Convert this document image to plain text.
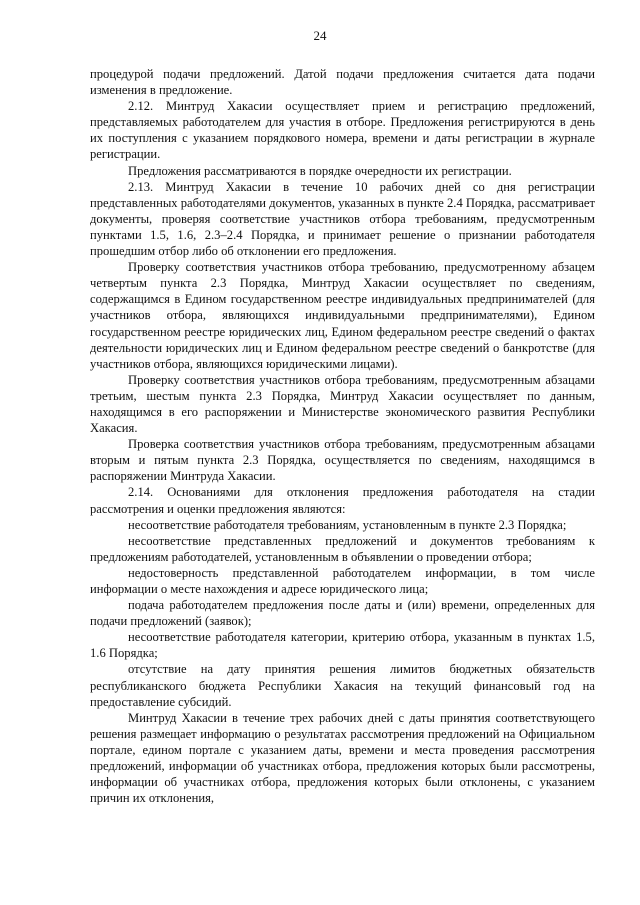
24

процедурой подачи предложений. Датой подачи предложения считается дата подачи изменения в предложение.

2.12. Минтруд Хакасии осуществляет прием и регистрацию предложений, представляемых работодателем для участия в отборе. Предложения регистрируются в день их поступления с указанием порядкового номера, времени и даты регистрации в журнале регистрации.

Предложения рассматриваются в порядке очередности их регистрации.

2.13. Минтруд Хакасии в течение 10 рабочих дней со дня регистрации представленных работодателями документов, указанных в пункте 2.4 Порядка, рассматривает документы, проверяя соответствие участников отбора требованиям, предусмотренным пунктами 1.5, 1.6, 2.3–2.4 Порядка, и принимает решение о признании работодателя прошедшим отбор либо об отклонении его предложения.

Проверку соответствия участников отбора требованию, предусмотренному абзацем четвертым пункта 2.3 Порядка, Минтруд Хакасии осуществляет по сведениям, содержащимся в Едином государственном реестре индивидуальных предпринимателей (для участников отбора, являющихся индивидуальными предпринимателями), Едином государственном реестре юридических лиц, Едином федеральном реестре сведений о фактах деятельности юридических лиц и Едином федеральном реестре сведений о банкротстве (для участников отбора, являющихся юридическими лицами).

Проверку соответствия участников отбора требованиям, предусмотренным абзацами третьим, шестым пункта 2.3 Порядка, Минтруд Хакасии осуществляет по данным, находящимся в его распоряжении и Министерстве экономического развития Республики Хакасия.

Проверка соответствия участников отбора требованиям, предусмотренным абзацами вторым и пятым пункта 2.3 Порядка, осуществляется по сведениям, находящимся в распоряжении Минтруда Хакасии.

2.14. Основаниями для отклонения предложения работодателя на стадии рассмотрения и оценки предложения являются:

несоответствие работодателя требованиям, установленным в пункте 2.3 Порядка;

несоответствие представленных предложений и документов требованиям к предложениям работодателей, установленным в объявлении о проведении отбора;

недостоверность представленной работодателем информации, в том числе информации о месте нахождения и адресе юридического лица;

подача работодателем предложения после даты и (или) времени, определенных для подачи предложений (заявок);

несоответствие работодателя категории, критерию отбора, указанным в пунктах 1.5, 1.6 Порядка;

отсутствие на дату принятия решения лимитов бюджетных обязательств республиканского бюджета Республики Хакасия на текущий финансовый год на предоставление субсидий.

Минтруд Хакасии в течение трех рабочих дней с даты принятия соответствующего решения размещает информацию о результатах рассмотрения предложений на Официальном портале, едином портале с указанием даты, времени и места проведения рассмотрения предложений, информации об участниках отбора, предложения которых были рассмотрены, информации об участниках отбора, предложения которых были отклонены, с указанием причин их отклонения,
